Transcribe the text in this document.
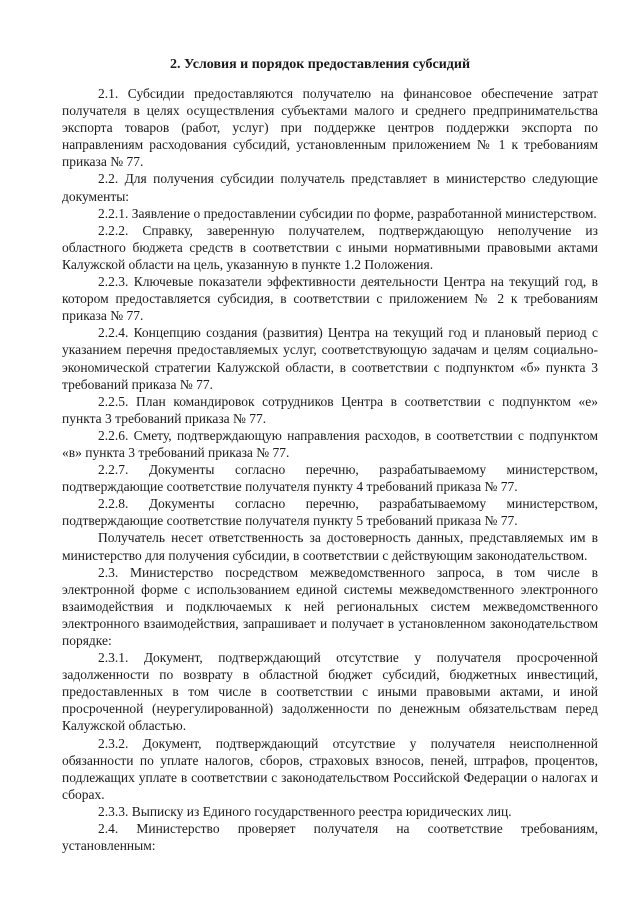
2. Условия и порядок предоставления субсидий

2.1. Субсидии предоставляются получателю на финансовое обеспечение затрат получателя в целях осуществления субъектами малого и среднего предпринимательства экспорта товаров (работ, услуг) при поддержке центров поддержки экспорта по направлениям расходования субсидий, установленным приложением № 1 к требованиям приказа № 77.

2.2. Для получения субсидии получатель представляет в министерство следующие документы:

2.2.1. Заявление о предоставлении субсидии по форме, разработанной министерством.

2.2.2. Справку, заверенную получателем, подтверждающую неполучение из областного бюджета средств в соответствии с иными нормативными правовыми актами Калужской области на цель, указанную в пункте 1.2 Положения.

2.2.3. Ключевые показатели эффективности деятельности Центра на текущий год, в котором предоставляется субсидия, в соответствии с приложением № 2 к требованиям приказа № 77.

2.2.4. Концепцию создания (развития) Центра на текущий год и плановый период с указанием перечня предоставляемых услуг, соответствующую задачам и целям социально-экономической стратегии Калужской области, в соответствии с подпунктом «б» пункта 3 требований приказа № 77.

2.2.5. План командировок сотрудников Центра в соответствии с подпунктом «е» пункта 3 требований приказа № 77.

2.2.6. Смету, подтверждающую направления расходов, в соответствии с подпунктом «в» пункта 3 требований приказа № 77.

2.2.7. Документы согласно перечню, разрабатываемому министерством, подтверждающие соответствие получателя пункту 4 требований приказа № 77.

2.2.8. Документы согласно перечню, разрабатываемому министерством, подтверждающие соответствие получателя пункту 5 требований приказа № 77.

Получатель несет ответственность за достоверность данных, представляемых им в министерство для получения субсидии, в соответствии с действующим законодательством.

2.3. Министерство посредством межведомственного запроса, в том числе в электронной форме с использованием единой системы межведомственного электронного взаимодействия и подключаемых к ней региональных систем межведомственного электронного взаимодействия, запрашивает и получает в установленном законодательством порядке:

2.3.1. Документ, подтверждающий отсутствие у получателя просроченной задолженности по возврату в областной бюджет субсидий, бюджетных инвестиций, предоставленных в том числе в соответствии с иными правовыми актами, и иной просроченной (неурегулированной) задолженности по денежным обязательствам перед Калужской областью.

2.3.2. Документ, подтверждающий отсутствие у получателя неисполненной обязанности по уплате налогов, сборов, страховых взносов, пеней, штрафов, процентов, подлежащих уплате в соответствии с законодательством Российской Федерации о налогах и сборах.

2.3.3. Выписку из Единого государственного реестра юридических лиц.

2.4. Министерство проверяет получателя на соответствие требованиям, установленным:
